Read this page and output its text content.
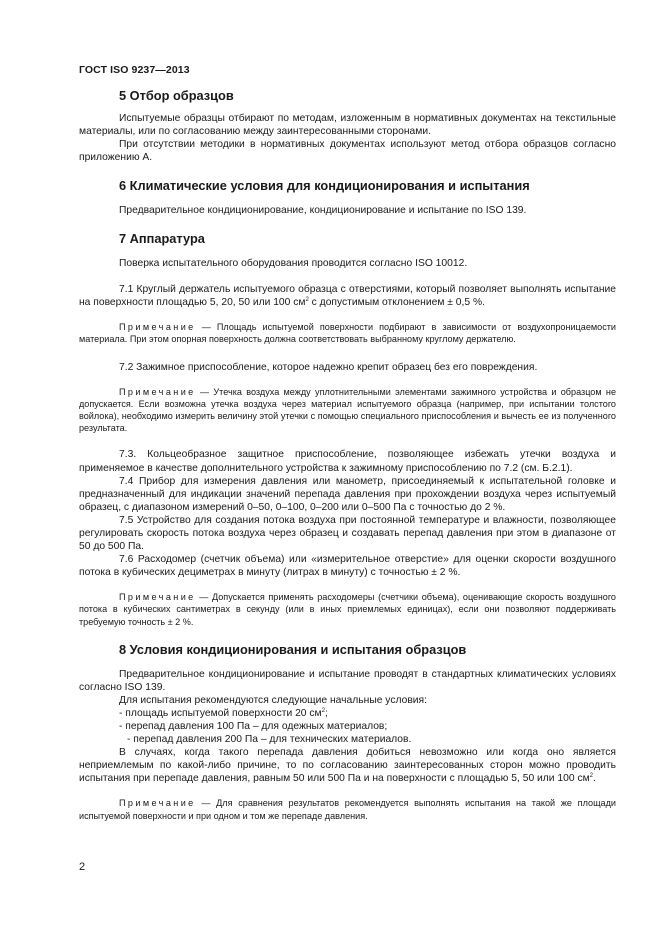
ГОСТ ISO 9237—2013
5 Отбор образцов

Испытуемые образцы отбирают по методам, изложенным в нормативных документах на текстильные материалы, или по согласованию между заинтересованными сторонами.

При отсутствии методики в нормативных документах используют метод отбора образцов согласно приложению А.

6 Климатические условия для кондиционирования и испытания

Предварительное кондиционирование, кондиционирование и испытание по ISO 139.

7 Аппаратура

Поверка испытательного оборудования проводится согласно ISO 10012.

7.1 Круглый держатель испытуемого образца с отверстиями, который позволяет выполнять испытание на поверхности площадью 5, 20, 50 или 100 $см^2$ с допустимым отклонением ± 0,5 %.

Примечание — Площадь испытуемой поверхности подбирают в зависимости от воздухопроницаемости материала. При этом опорная поверхность должна соответствовать выбранному круглому держателю.

7.2 Зажимное приспособление, которое надежно крепит образец без его повреждения.

Примечание — Утечка воздуха между уплотнительными элементами зажимного устройства и образцом не допускается. Если возможна утечка воздуха через материал испытуемого образца (например, при испытании толстого войлока), необходимо измерить величину этой утечки с помощью специального приспособления и вычесть ее из полученного результата.

7.3. Кольцеобразное защитное приспособление, позволяющее избежать утечки воздуха и применяемое в качестве дополнительного устройства к зажимному приспособлению по 7.2 (см. Б.2.1).

7.4 Прибор для измерения давления или манометр, присоединяемый к испытательной головке и предназначенный для индикации значений перепада давления при прохождении воздуха через испытуемый образец, с диапазоном измерений 0–50, 0–100, 0–200 или 0–500 Па с точностью до 2 %.

7.5 Устройство для создания потока воздуха при постоянной температуре и влажности, позволяющее регулировать скорость потока воздуха через образец и создавать перепад давления при этом в диапазоне от 50 до 500 Па.

7.6 Расходомер (счетчик объема) или «измерительное отверстие» для оценки скорости воздушного потока в кубических дециметрах в минуту (литрах в минуту) с точностью ± 2 %.

Примечание — Допускается применять расходомеры (счетчики объема), оценивающие скорость воздушного потока в кубических сантиметрах в секунду (или в иных приемлемых единицах), если они позволяют поддерживать требуемую точность ± 2 %.

8 Условия кондиционирования и испытания образцов

Предварительное кондиционирование и испытание проводят в стандартных климатических условиях согласно ISO 139.

Для испытания рекомендуются следующие начальные условия:

- площадь испытуемой поверхности 20 $см^2$;
- перепад давления 100 Па – для одежных материалов;
- перепад давления 200 Па – для технических материалов.

В случаях, когда такого перепада давления добиться невозможно или когда оно является неприемлемым по какой-либо причине, то по согласованию заинтересованных сторон можно проводить испытания при перепаде давления, равным 50 или 500 Па и на поверхности с площадью 5, 50 или 100 $см^2$.

Примечание — Для сравнения результатов рекомендуется выполнять испытания на такой же площади испытуемой поверхности и при одном и том же перепаде давления.

2
